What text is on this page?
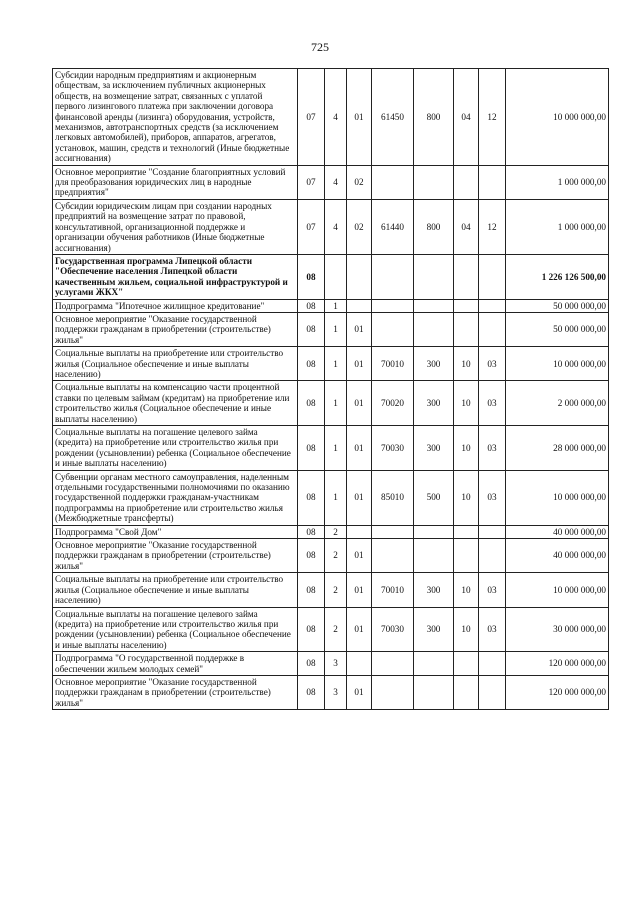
725
Субсидии народным предприятиям и акционерным обществам, за исключением публичных акционерных обществ, на возмещение затрат, связанных с уплатой первого лизингового платежа при заключении договора финансовой аренды (лизинга) оборудования, устройств, механизмов, автотранспортных средств (за исключением легковых автомобилей), приборов, аппаратов, агрегатов, установок, машин, средств и технологий (Иные бюджетные ассигнования)	07	4	01	61450	800	04	12	10 000 000,00
Основное мероприятие "Создание благоприятных условий для преобразования юридических лиц в народные предприятия"	07	4	02					1 000 000,00
Субсидии юридическим лицам при создании народных предприятий на возмещение затрат по правовой, консультативной, организационной поддержке и организации обучения работников (Иные бюджетные ассигнования)	07	4	02	61440	800	04	12	1 000 000,00
Государственная программа Липецкой области "Обеспечение населения Липецкой области качественным жильем, социальной инфраструктурой и услугами ЖКХ"	08							1 226 126 500,00
Подпрограмма "Ипотечное жилищное кредитование"	08	1						50 000 000,00
Основное мероприятие "Оказание государственной поддержки гражданам в приобретении (строительстве) жилья"	08	1	01					50 000 000,00
Социальные выплаты на приобретение или строительство жилья (Социальное обеспечение и иные выплаты населению)	08	1	01	70010	300	10	03	10 000 000,00
Социальные выплаты на компенсацию части процентной ставки по целевым займам (кредитам) на приобретение или строительство жилья (Социальное обеспечение и иные выплаты населению)	08	1	01	70020	300	10	03	2 000 000,00
Социальные выплаты на погашение целевого займа (кредита) на приобретение или строительство жилья при рождении (усыновлении) ребенка (Социальное обеспечение и иные выплаты населению)	08	1	01	70030	300	10	03	28 000 000,00
Субвенции органам местного самоуправления, наделенным отдельными государственными полномочиями по оказанию государственной поддержки гражданам-участникам подпрограммы на приобретение или строительство жилья (Межбюджетные трансферты)	08	1	01	85010	500	10	03	10 000 000,00
Подпрограмма "Свой Дом"	08	2						40 000 000,00
Основное мероприятие "Оказание государственной поддержки гражданам в приобретении (строительстве) жилья"	08	2	01					40 000 000,00
Социальные выплаты на приобретение или строительство жилья (Социальное обеспечение и иные выплаты населению)	08	2	01	70010	300	10	03	10 000 000,00
Социальные выплаты на погашение целевого займа (кредита) на приобретение или строительство жилья при рождении (усыновлении) ребенка (Социальное обеспечение и иные выплаты населению)	08	2	01	70030	300	10	03	30 000 000,00
Подпрограмма "О государственной поддержке в обеспечении жильем молодых семей"	08	3						120 000 000,00
Основное мероприятие "Оказание государственной поддержки гражданам в приобретении (строительстве) жилья"	08	3	01					120 000 000,00
